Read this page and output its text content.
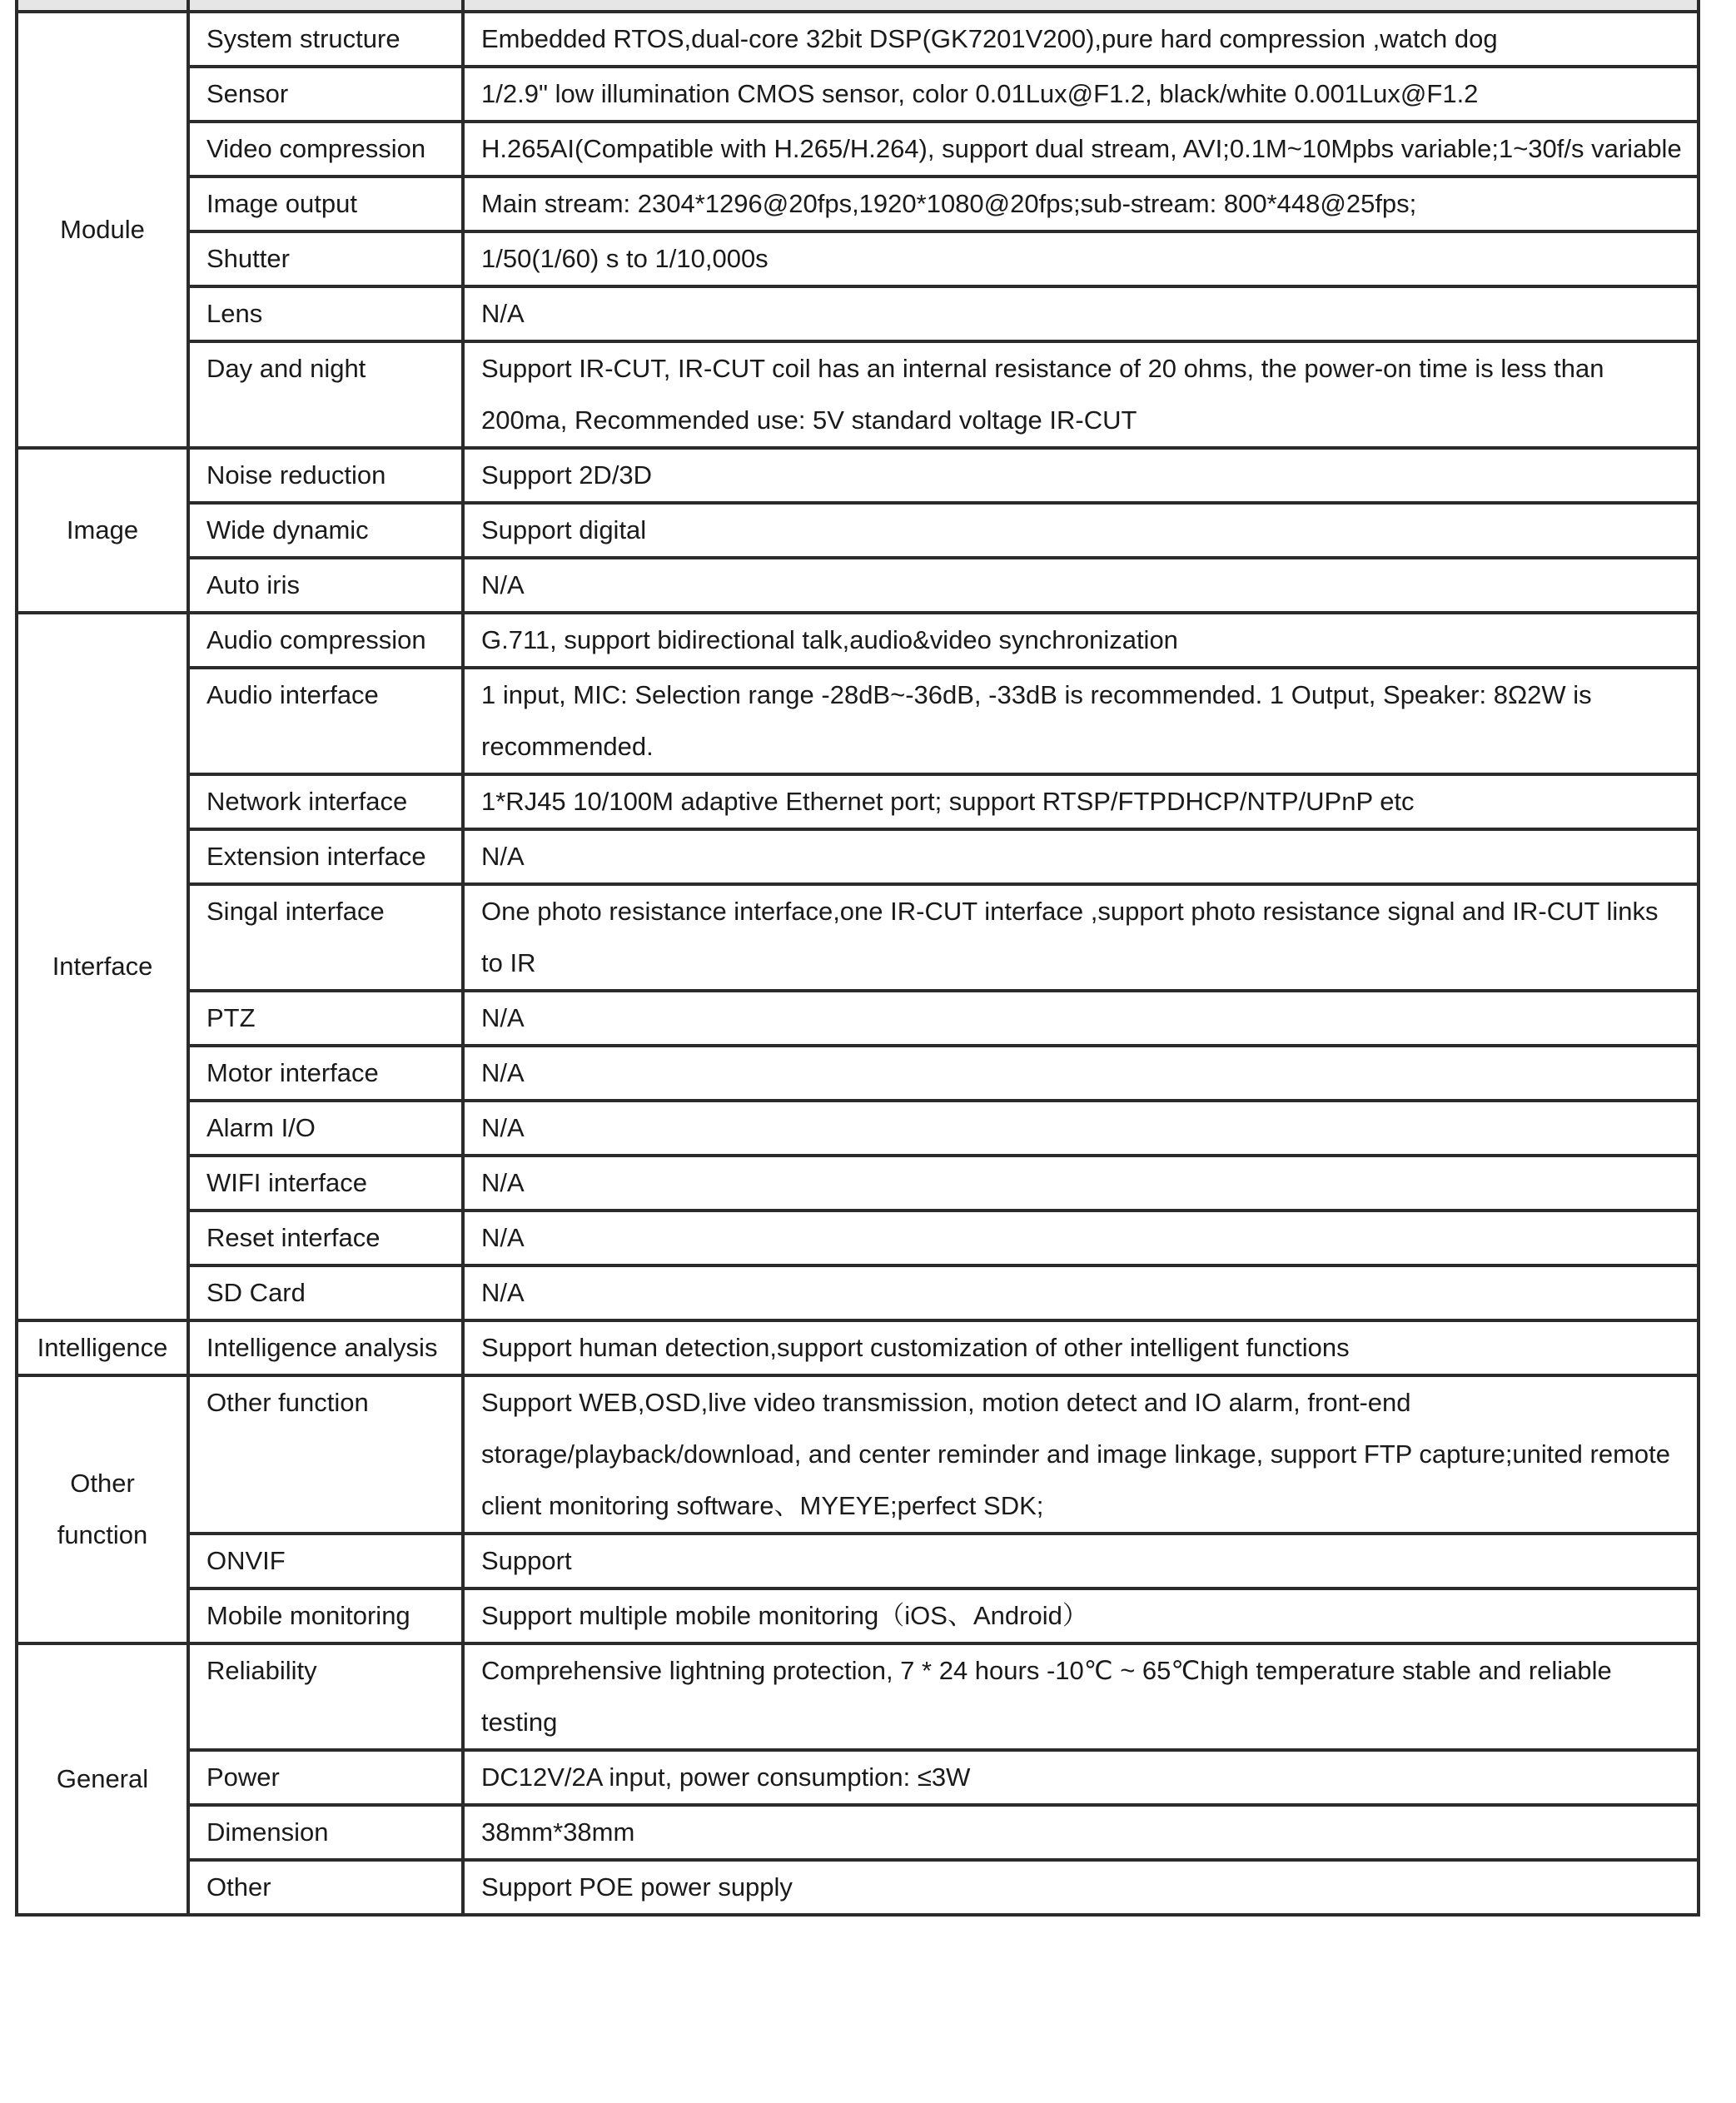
Module	System structure	Embedded RTOS,dual-core 32bit DSP(GK7201V200),pure hard compression ,watch dog
	Sensor	1/2.9" low illumination CMOS sensor, color 0.01Lux@F1.2, black/white 0.001Lux@F1.2
	Video compression	H.265AI(Compatible with H.265/H.264), support dual stream, AVI;0.1M~10Mpbs variable;1~30f/s variable
	Image output	Main stream: 2304*1296@20fps,1920*1080@20fps;sub-stream: 800*448@25fps;
	Shutter	1/50(1/60) s to 1/10,000s
	Lens	N/A
	Day and night	Support IR-CUT, IR-CUT coil has an internal resistance of 20 ohms, the power-on time is less than 200ma, Recommended use: 5V standard voltage IR-CUT
Image	Noise reduction	Support 2D/3D
	Wide dynamic	Support digital
	Auto iris	N/A
Interface	Audio compression	G.711, support bidirectional talk,audio&video synchronization
	Audio interface	1 input, MIC: Selection range -28dB~-36dB, -33dB is recommended. 1 Output, Speaker: 8Ω2W is recommended.
	Network interface	1*RJ45 10/100M adaptive Ethernet port; support RTSP/FTPDHCP/NTP/UPnP etc
	Extension interface	N/A
	Singal interface	One photo resistance interface,one IR-CUT interface ,support photo resistance signal and IR-CUT links to IR
	PTZ	N/A
	Motor interface	N/A
	Alarm I/O	N/A
	WIFI interface	N/A
	Reset interface	N/A
	SD Card	N/A
Intelligence	Intelligence analysis	Support human detection,support customization of other intelligent functions
Other function	Other function	Support WEB,OSD,live video transmission, motion detect and IO alarm, front-end storage/playback/download, and center reminder and image linkage, support FTP capture;united remote client monitoring software、MYEYE;perfect SDK;
	ONVIF	Support
	Mobile monitoring	Support multiple mobile monitoring（iOS、Android）
General	Reliability	Comprehensive lightning protection, 7 * 24 hours -10℃ ~ 65℃high temperature stable and reliable testing
	Power	DC12V/2A input, power consumption: ≤3W
	Dimension	38mm*38mm
	Other	Support POE power supply
